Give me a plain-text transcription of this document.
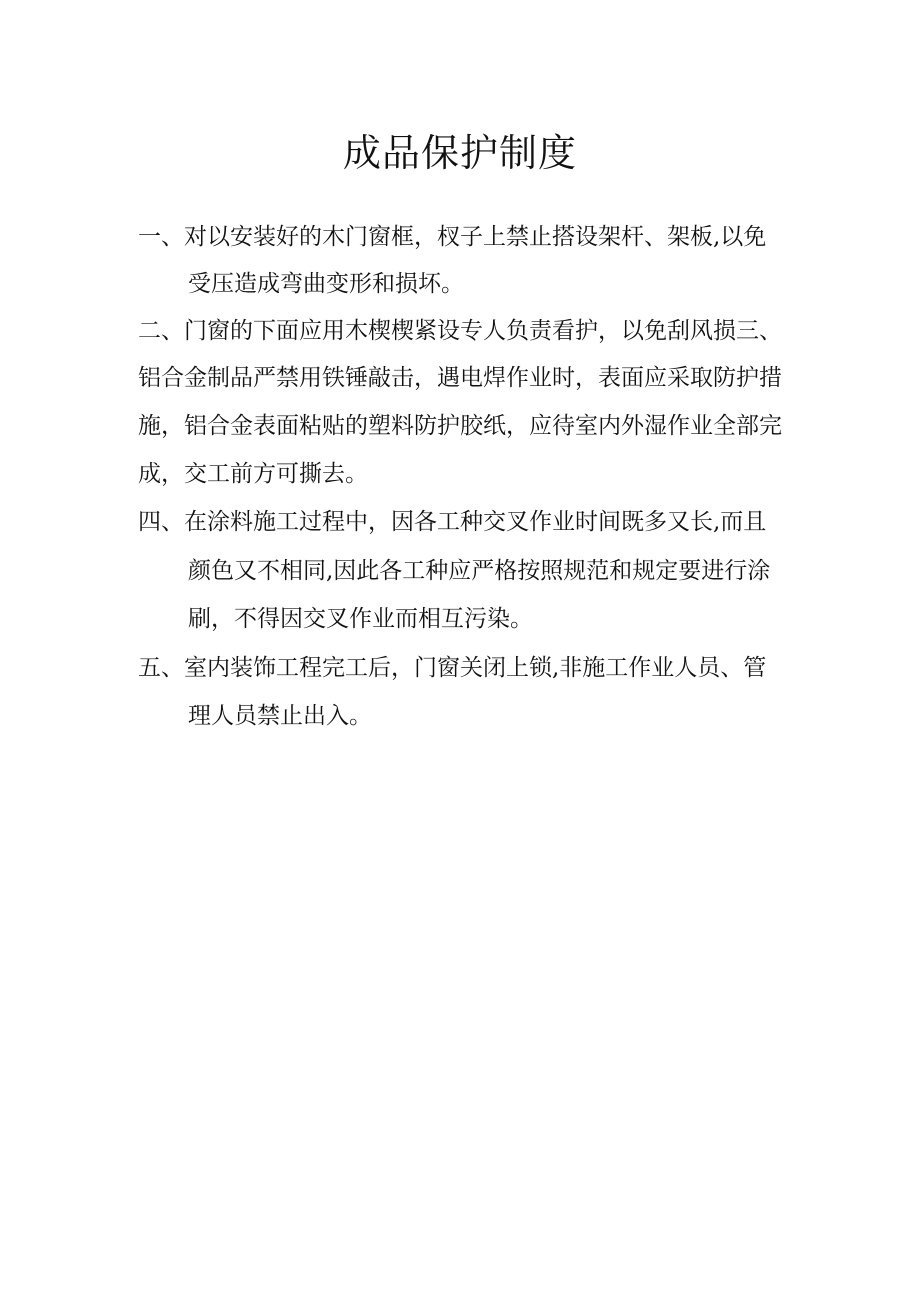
成品保护制度
一、对以安装好的木门窗框，杈子上禁止搭设架杆、架板,以免
受压造成弯曲变形和损坏。
二、门窗的下面应用木楔楔紧设专人负责看护，以免刮风损三、
铝合金制品严禁用铁锤敲击，遇电焊作业时，表面应采取防护措
施，铝合金表面粘贴的塑料防护胶纸，应待室内外湿作业全部完
成，交工前方可撕去。
四、在涂料施工过程中，因各工种交叉作业时间既多又长,而且
颜色又不相同,因此各工种应严格按照规范和规定要进行涂
刷，不得因交叉作业而相互污染。
五、室内装饰工程完工后，门窗关闭上锁,非施工作业人员、管
理人员禁止出入。
